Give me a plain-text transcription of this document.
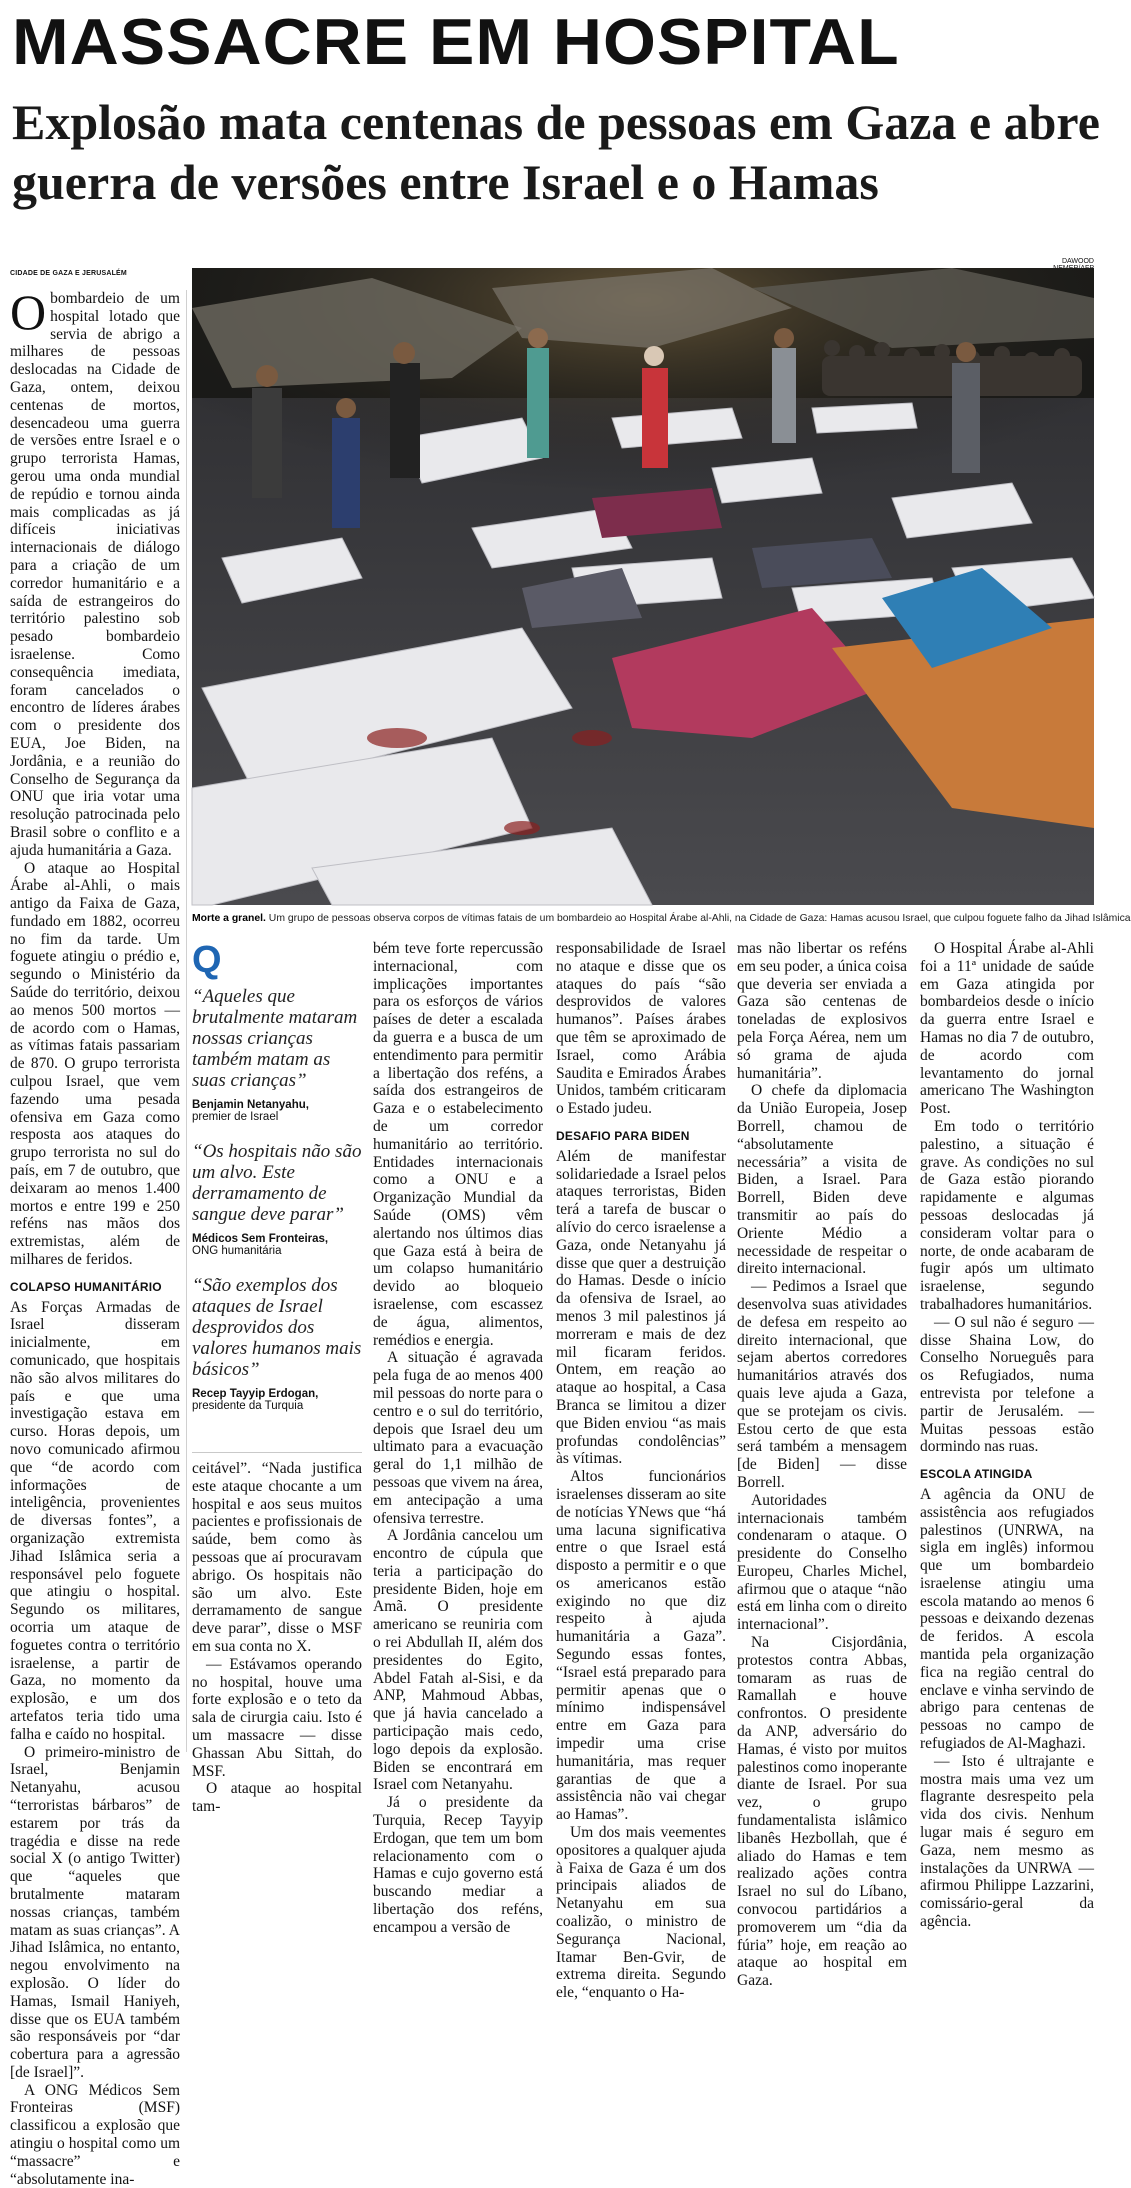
MASSACRE EM HOSPITAL
Explosão mata centenas de pessoas em Gaza e abre guerra de versões entre Israel e o Hamas
CIDADE DE GAZA E JERUSALÉM
DAWOOD
Morte a granel. Um grupo de pessoas observa corpos de vítimas fatais de um bombardeio ao Hospital Árabe al-Ahli, na Cidade de Gaza: Hamas acusou Israel, que culpou foguete falho da Jihad Islâmica

Obombardeio de um hospital lotado que servia de abrigo a milhares de pessoas deslocadas na Cidade de Gaza, ontem, deixou centenas de mortos, desencadeou uma guerra de versões entre Israel e o grupo terrorista Hamas, gerou uma onda mundial de repúdio e tornou ainda mais complicadas as já difíceis iniciativas internacionais de diálogo para a criação de um corredor humanitário e a saída de estrangeiros do território palestino sob pesado bombardeio israelense. Como consequência imediata, foram cancelados o encontro de líderes árabes com o presidente dos EUA, Joe Biden, na Jordânia, e a reunião do Conselho de Segurança da ONU que iria votar uma resolução patrocinada pelo Brasil sobre o conflito e a ajuda humanitária a Gaza.

O ataque ao Hospital Árabe al-Ahli, o mais antigo da Faixa de Gaza, fundado em 1882, ocorreu no fim da tarde. Um foguete atingiu o prédio e, segundo o Ministério da Saúde do território, deixou ao menos 500 mortos — de acordo com o Hamas, as vítimas fatais passariam de 870. O grupo terrorista culpou Israel, que vem fazendo uma pesada ofensiva em Gaza como resposta aos ataques do grupo terrorista no sul do país, em 7 de outubro, que deixaram ao menos 1.400 mortos e entre 199 e 250 reféns nas mãos dos extremistas, além de milhares de feridos.

COLAPSO HUMANITÁRIO

As Forças Armadas de Israel disseram inicialmente, em comunicado, que hospitais não são alvos militares do país e que uma investigação estava em curso. Horas depois, um novo comunicado afirmou que “de acordo com informações de inteligência, provenientes de diversas fontes”, a organização extremista Jihad Islâmica seria a responsável pelo foguete que atingiu o hospital. Segundo os militares, ocorria um ataque de foguetes contra o território israelense, a partir de Gaza, no momento da explosão, e um dos artefatos teria tido uma falha e caído no hospital.

O primeiro-ministro de Israel, Benjamin Netanyahu, acusou “terroristas bárbaros” de estarem por trás da tragédia e disse na rede social X (o antigo Twitter) que “aqueles que brutalmente mataram nossas crianças, também matam as suas crianças”. A Jihad Islâmica, no entanto, negou envolvimento na explosão. O líder do Hamas, Ismail Haniyeh, disse que os EUA também são responsáveis por “dar cobertura para a agressão [de Israel]”.

A ONG Médicos Sem Fronteiras (MSF) classificou a explosão que atingiu o hospital como um “massacre” e “absolutamente ina-

Q
“Aqueles que brutalmente mataram nossas crianças também matam as suas crianças”
Benjamin Netanyahu,
premier de Israel
“Os hospitais não são um alvo. Este derramamento de sangue deve parar”
Médicos Sem Fronteiras,
ONG humanitária
“São exemplos dos ataques de Israel desprovidos dos valores humanos mais básicos”
Recep Tayyip Erdogan,
presidente da Turquia

ceitável”. “Nada justifica este ataque chocante a um hospital e aos seus muitos pacientes e profissionais de saúde, bem como às pessoas que aí procuravam abrigo. Os hospitais não são um alvo. Este derramamento de sangue deve parar”, disse o MSF em sua conta no X.

— Estávamos operando no hospital, houve uma forte explosão e o teto da sala de cirurgia caiu. Isto é um massacre — disse Ghassan Abu Sittah, do MSF.

O ataque ao hospital tam-

bém teve forte repercussão internacional, com implicações importantes para os esforços de vários países de deter a escalada da guerra e a busca de um entendimento para permitir a libertação dos reféns, a saída dos estrangeiros de Gaza e o estabelecimento de um corredor humanitário ao território. Entidades internacionais como a ONU e a Organização Mundial da Saúde (OMS) vêm alertando nos últimos dias que Gaza está à beira de um colapso humanitário devido ao bloqueio israelense, com escassez de água, alimentos, remédios e energia.

A situação é agravada pela fuga de ao menos 400 mil pessoas do norte para o centro e o sul do território, depois que Israel deu um ultimato para a evacuação geral do 1,1 milhão de pessoas que vivem na área, em antecipação a uma ofensiva terrestre.

A Jordânia cancelou um encontro de cúpula que teria a participação do presidente Biden, hoje em Amã. O presidente americano se reuniria com o rei Abdullah II, além dos presidentes do Egito, Abdel Fatah al-Sisi, e da ANP, Mahmoud Abbas, que já havia cancelado a participação mais cedo, logo depois da explosão. Biden se encontrará em Israel com Netanyahu.

Já o presidente da Turquia, Recep Tayyip Erdogan, que tem um bom relacionamento com o Hamas e cujo governo está buscando mediar a libertação dos reféns, encampou a versão de

responsabilidade de Israel no ataque e disse que os ataques do país “são desprovidos de valores humanos”. Países árabes que têm se aproximado de Israel, como Arábia Saudita e Emirados Árabes Unidos, também criticaram o Estado judeu.

DESAFIO PARA BIDEN

Além de manifestar solidariedade a Israel pelos ataques terroristas, Biden terá a tarefa de buscar o alívio do cerco israelense a Gaza, onde Netanyahu já disse que quer a destruição do Hamas. Desde o início da ofensiva de Israel, ao menos 3 mil palestinos já morreram e mais de dez mil ficaram feridos. Ontem, em reação ao ataque ao hospital, a Casa Branca se limitou a dizer que Biden enviou “as mais profundas condolências” às vítimas.

Altos funcionários israelenses disseram ao site de notícias YNews que “há uma lacuna significativa entre o que Israel está disposto a permitir e o que os americanos estão exigindo no que diz respeito à ajuda humanitária a Gaza”. Segundo essas fontes, “Israel está preparado para permitir apenas que o mínimo indispensável entre em Gaza para impedir uma crise humanitária, mas requer garantias de que a assistência não vai chegar ao Hamas”.

Um dos mais veementes opositores a qualquer ajuda à Faixa de Gaza é um dos principais aliados de Netanyahu em sua coalizão, o ministro de Segurança Nacional, Itamar Ben-Gvir, de extrema direita. Segundo ele, “enquanto o Ha-

mas não libertar os reféns em seu poder, a única coisa que deveria ser enviada a Gaza são centenas de toneladas de explosivos pela Força Aérea, nem um só grama de ajuda humanitária”.

O chefe da diplomacia da União Europeia, Josep Borrell, chamou de “absolutamente necessária” a visita de Biden, a Israel. Para Borrell, Biden deve transmitir ao país do Oriente Médio a necessidade de respeitar o direito internacional.

— Pedimos a Israel que desenvolva suas atividades de defesa em respeito ao direito internacional, que sejam abertos corredores humanitários através dos quais leve ajuda a Gaza, que se protejam os civis. Estou certo de que esta será também a mensagem [de Biden] — disse Borrell.

Autoridades internacionais também condenaram o ataque. O presidente do Conselho Europeu, Charles Michel, afirmou que o ataque “não está em linha com o direito internacional”.

Na Cisjordânia, protestos contra Abbas, tomaram as ruas de Ramallah e houve confrontos. O presidente da ANP, adversário do Hamas, é visto por muitos palestinos como inoperante diante de Israel. Por sua vez, o grupo fundamentalista islâmico libanês Hezbollah, que é aliado do Hamas e tem realizado ações contra Israel no sul do Líbano, convocou partidários a promoverem um “dia da fúria” hoje, em reação ao ataque ao hospital em Gaza.

O Hospital Árabe al-Ahli foi a 11ª unidade de saúde em Gaza atingida por bombardeios desde o início da guerra entre Israel e Hamas no dia 7 de outubro, de acordo com levantamento do jornal americano The Washington Post.

Em todo o território palestino, a situação é grave. As condições no sul de Gaza estão piorando rapidamente e algumas pessoas deslocadas já consideram voltar para o norte, de onde acabaram de fugir após um ultimato israelense, segundo trabalhadores humanitários.

— O sul não é seguro — disse Shaina Low, do Conselho Norueguês para os Refugiados, numa entrevista por telefone a partir de Jerusalém. — Muitas pessoas estão dormindo nas ruas.

ESCOLA ATINGIDA

A agência da ONU de assistência aos refugiados palestinos (UNRWA, na sigla em inglês) informou que um bombardeio israelense atingiu uma escola matando ao menos 6 pessoas e deixando dezenas de feridos. A escola mantida pela organização fica na região central do enclave e vinha servindo de abrigo para centenas de pessoas no campo de refugiados de Al-Maghazi.

— Isto é ultrajante e mostra mais uma vez um flagrante desrespeito pela vida dos civis. Nenhum lugar mais é seguro em Gaza, nem mesmo as instalações da UNRWA — afirmou Philippe Lazzarini, comissário-geral da agência.
